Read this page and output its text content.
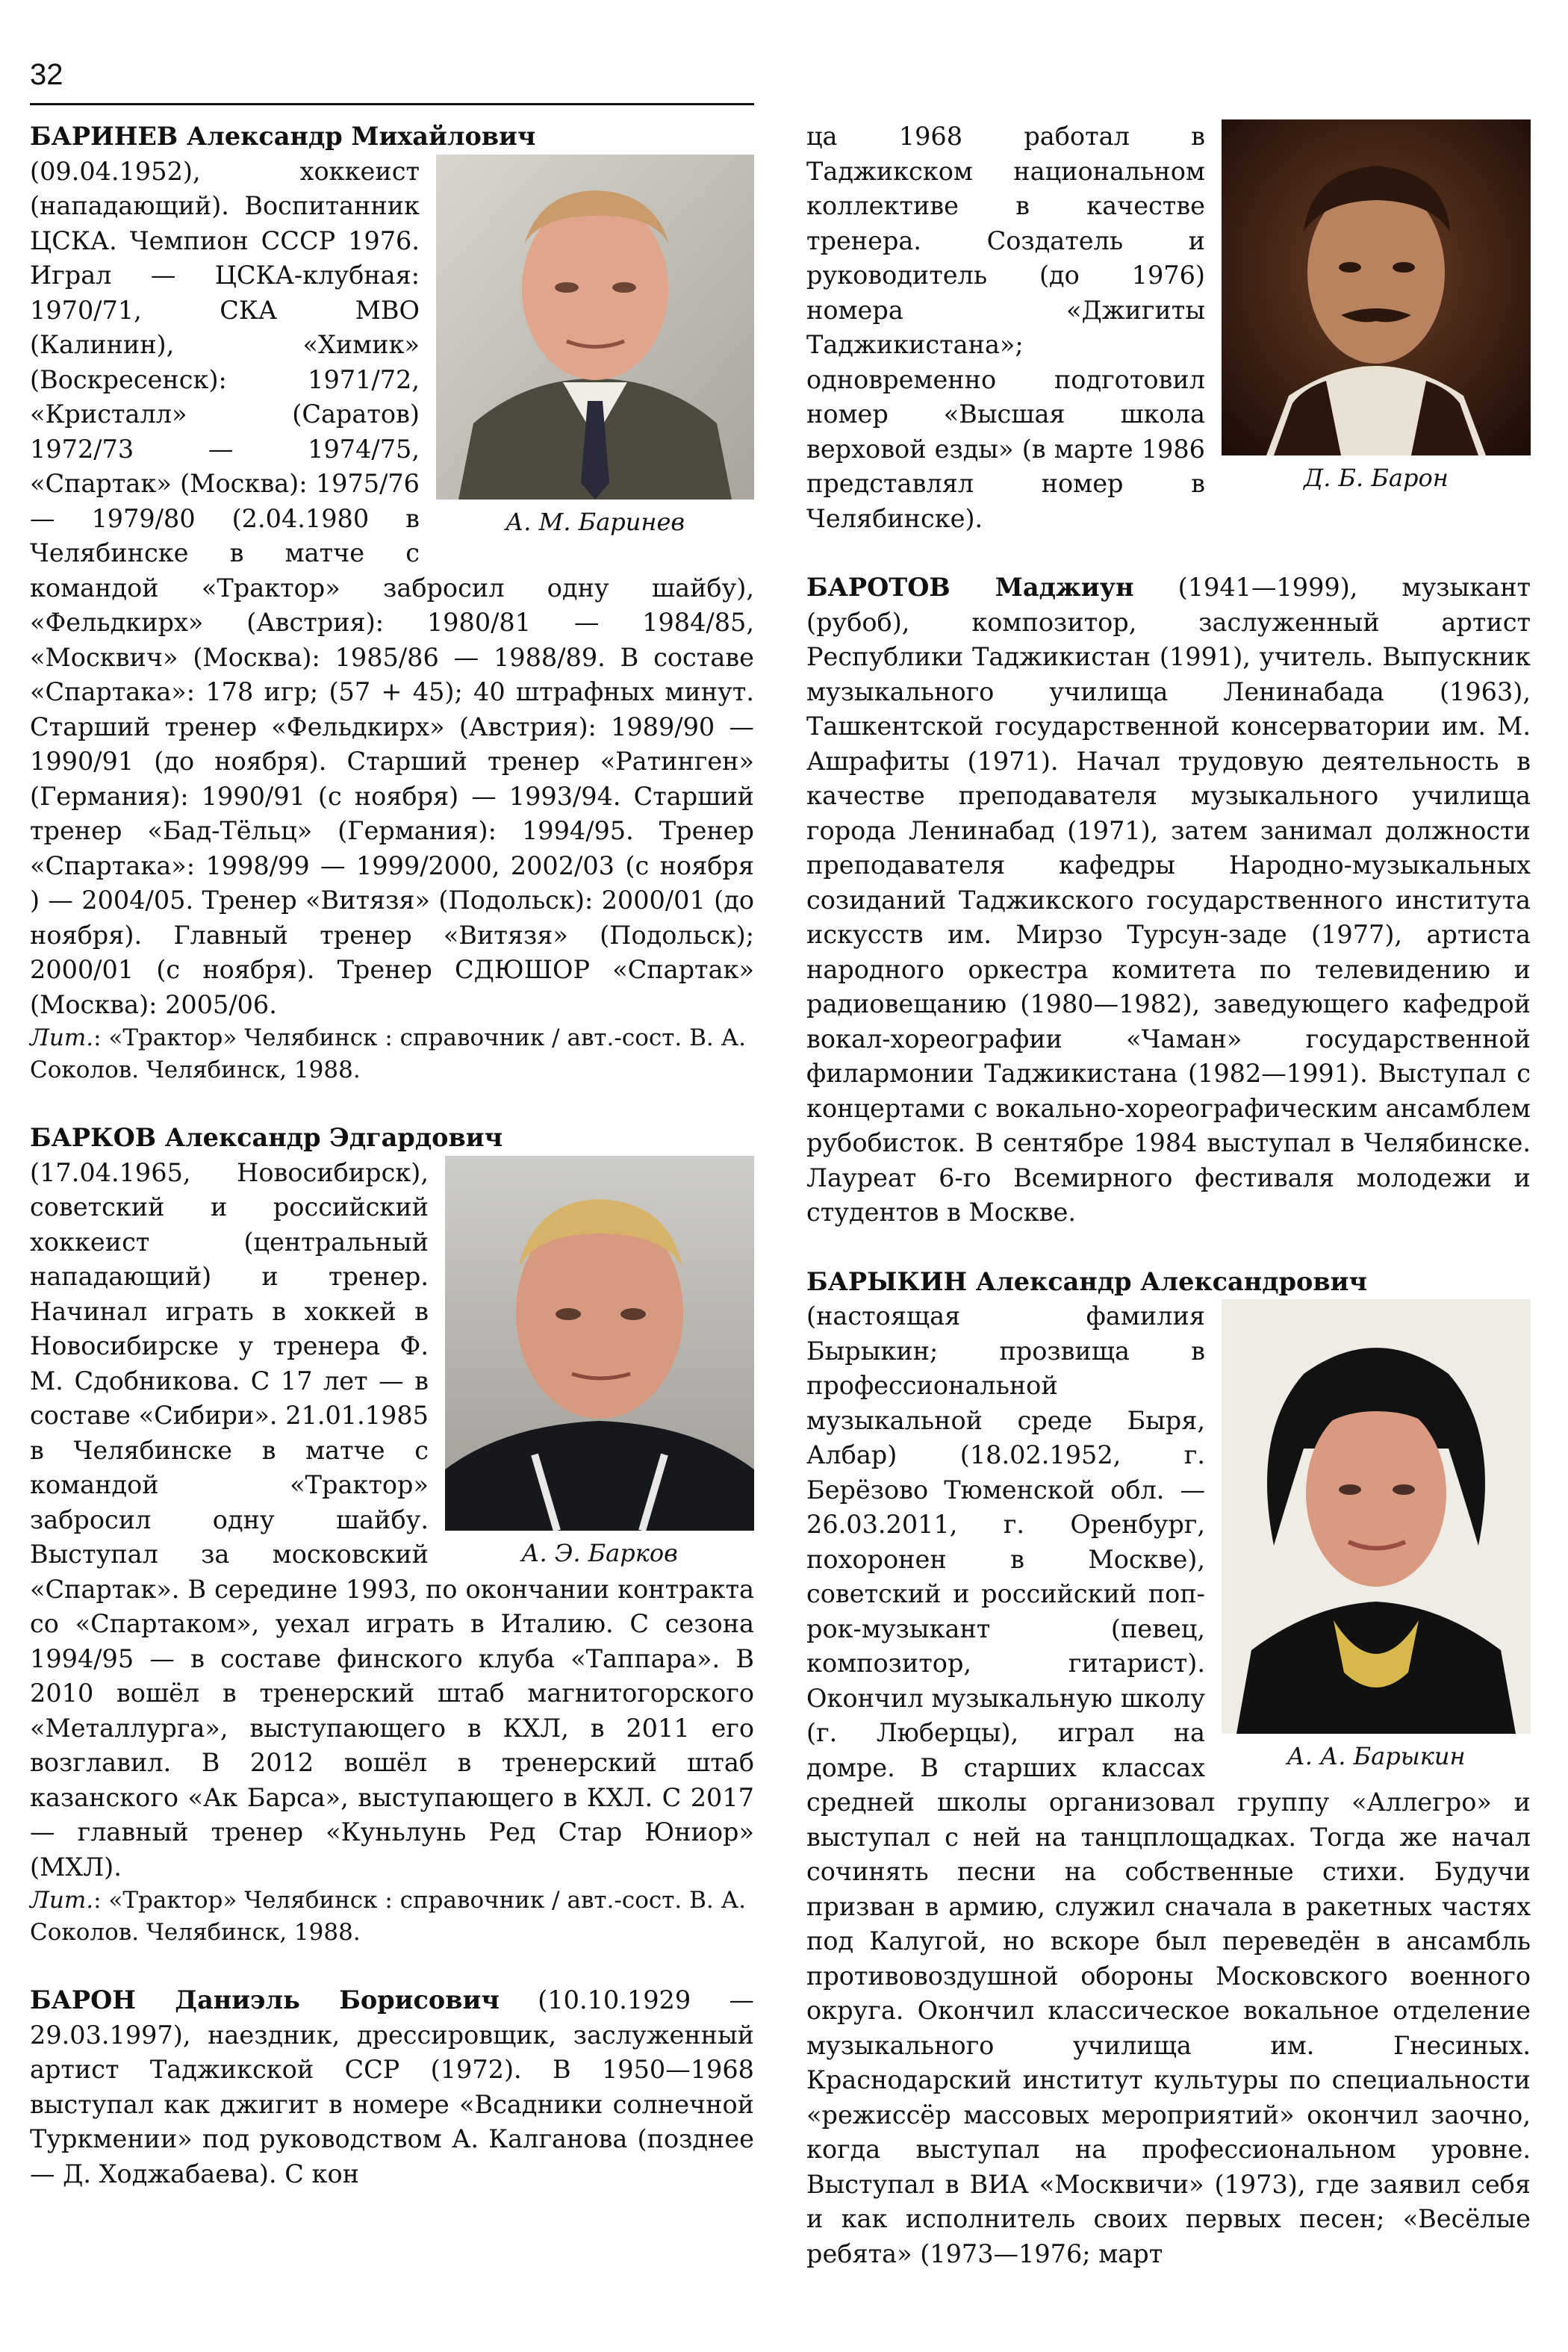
32

БАРИНЕВ Александр Михайлович

А. М. Баринев

(09.04.1952), хоккеист (нападающий). Воспитанник ЦСКА. Чемпион СССР 1976. Играл — ЦСКА-клубная: 1970/71, СКА МВО (Калинин), «Химик» (Воскресенск): 1971/72, «Кристалл» (Саратов) 1972/73 — 1974/75, «Спартак» (Москва): 1975/76 — 1979/80 (2.04.1980 в Челябинске в матче с командой «Трактор» забросил одну шайбу), «Фельдкирх» (Австрия): 1980/81 — 1984/85, «Москвич» (Москва): 1985/86 — 1988/89. В составе «Спартака»: 178 игр; (57 + 45); 40 штрафных минут. Старший тренер «Фельдкирх» (Австрия): 1989/90 — 1990/91 (до ноября). Старший тренер «Ратинген» (Германия): 1990/91 (с ноября) — 1993/94. Старший тренер «Бад-Тёльц» (Германия): 1994/95. Тренер «Спартака»: 1998/99 — 1999/2000, 2002/03 (с ноября ) — 2004/05. Тренер «Витязя» (Подольск): 2000/01 (до ноября). Главный тренер «Витязя» (Подольск); 2000/01 (с ноября). Тренер СДЮШОР «Спартак» (Москва): 2005/06.

Лит.: «Трактор» Челябинск : справочник / авт.-сост. В. А. Соколов. Челябинск, 1988.

БАРКОВ Александр Эдгардович

А. Э. Барков

(17.04.1965, Новосибирск), советский и российский хоккеист (центральный нападающий) и тренер. Начинал играть в хоккей в Новосибирске у тренера Ф. М. Сдобникова. С 17 лет — в составе «Сибири». 21.01.1985 в Челябинске в матче с командой «Трактор» забросил одну шайбу. Выступал за московский «Спартак». В середине 1993, по окончании контракта со «Спартаком», уехал играть в Италию. С сезона 1994/95 — в составе финского клуба «Таппара». В 2010 вошёл в тренерский штаб магнитогорского «Металлурга», выступающего в КХЛ, в 2011 его возглавил. В 2012 вошёл в тренерский штаб казанского «Ак Барса», выступающего в КХЛ. С 2017 — главный тренер «Куньлунь Ред Стар Юниор» (МХЛ).

Лит.: «Трактор» Челябинск : справочник / авт.-сост. В. А. Соколов. Челябинск, 1988.

БАРОН Даниэль Борисович (10.10.1929 — 29.03.1997), наездник, дрессировщик, заслуженный артист Таджикской ССР (1972). В 1950—1968 выступал как джигит в номере «Всадники солнечной Туркмении» под руководством А. Калганова (позднее — Д. Ходжабаева). С кон

Д. Б. Барон

ца 1968 работал в Таджикском национальном коллективе в качестве тренера. Создатель и руководитель (до 1976) номера «Джигиты Таджикистана»; одновременно подготовил номер «Высшая школа верховой езды» (в марте 1986 представлял номер в Челябинске).

БАРОТОВ Маджиун (1941—1999), музыкант (рубоб), композитор, заслуженный артист Республики Таджикистан (1991), учитель. Выпускник музыкального училища Ленинабада (1963), Ташкентской государственной консерватории им. М. Ашрафиты (1971). Начал трудовую деятельность в качестве преподавателя музыкального училища города Ленинабад (1971), затем занимал должности преподавателя кафедры Народно-музыкальных созиданий Таджикского государственного института искусств им. Мирзо Турсун-заде (1977), артиста народного оркестра комитета по телевидению и радиовещанию (1980—1982), заведующего кафедрой вокал-хореографии «Чаман» государственной филармонии Таджикистана (1982—1991). Выступал с концертами с вокально-хореографическим ансамблем рубобисток. В сентябре 1984 выступал в Челябинске. Лауреат 6-го Всемирного фестиваля молодежи и студентов в Москве.

БАРЫКИН Александр Александрович

А. А. Барыкин

(настоящая фамилия Бырыкин; прозвища в профессиональной музыкальной среде Быря, Албар) (18.02.1952, г. Берёзово Тюменской обл. — 26.03.2011, г. Оренбург, похоронен в Москве), советский и российский поп-рок-музыкант (певец, композитор, гитарист). Окончил музыкальную школу (г. Люберцы), играл на домре. В старших классах средней школы организовал группу «Аллегро» и выступал с ней на танцплощадках. Тогда же начал сочинять песни на собственные стихи. Будучи призван в армию, служил сначала в ракетных частях под Калугой, но вскоре был переведён в ансамбль противовоздушной обороны Московского военного округа. Окончил классическое вокальное отделение музыкального училища им. Гнесиных. Краснодарский институт культуры по специальности «режиссёр массовых мероприятий» окончил заочно, когда выступал на профессиональном уровне. Выступал в ВИА «Москвичи» (1973), где заявил себя и как исполнитель своих первых песен; «Весёлые ребята» (1973—1976; март
